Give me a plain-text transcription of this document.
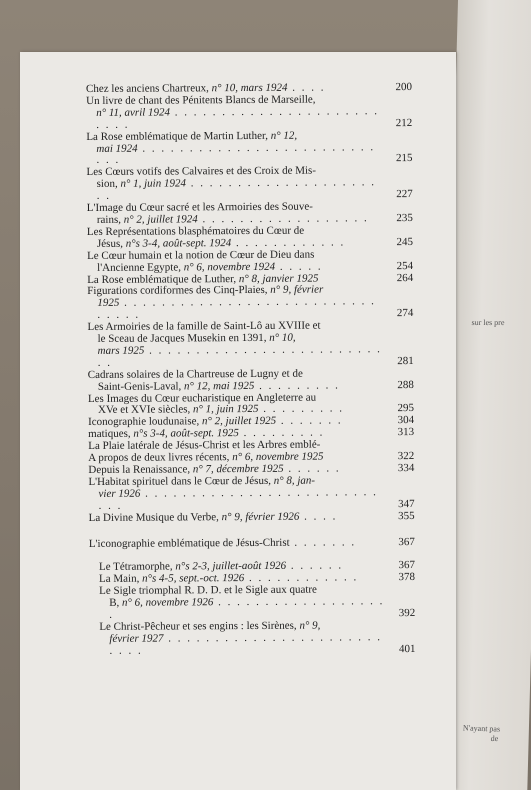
sur les pre
N'ayant pas
de
Chez les anciens Chartreux, n° 10, mars 1924 . . . .	200
Un livre de chant des Pénitents Blancs de Marseille,
n° 11, avril 1924 . . . . . . . . . . . . . . . . . . . . . . . . . .	212
La Rose emblématique de Martin Luther, n° 12,
mai 1924 . . . . . . . . . . . . . . . . . . . . . . . . . . . .	215
Les Cœurs votifs des Calvaires et des Croix de Mis-
sion, n° 1, juin 1924 . . . . . . . . . . . . . . . . . . . . . .	227
L'Image du Cœur sacré et les Armoiries des Souve-
rains, n° 2, juillet 1924 . . . . . . . . . . . . . . . . . .	235
Les Représentations blasphématoires du Cœur de
Jésus, n°s 3-4, août-sept. 1924 . . . . . . . . . . . .	245
Le Cœur humain et la notion de Cœur de Dieu dans
l'Ancienne Egypte, n° 6, novembre 1924 . . . . .	254
La Rose emblématique de Luther, n° 8, janvier 1925	264
Figurations cordiformes des Cinq-Plaies, n° 9, février
1925 . . . . . . . . . . . . . . . . . . . . . . . . . . . . . . . .	274
Les Armoiries de la famille de Saint-Lô au XVIIIe et
le Sceau de Jacques Musekin en 1391, n° 10,
mars 1925 . . . . . . . . . . . . . . . . . . . . . . . . . . .	281
Cadrans solaires de la Chartreuse de Lugny et de
Saint-Genis-Laval, n° 12, mai 1925 . . . . . . . . .	288
Les Images du Cœur eucharistique en Angleterre au
XVe et XVIe siècles, n° 1, juin 1925 . . . . . . . . .	295
Iconographie loudunaise, n° 2, juillet 1925 . . . . . . .	304
matiques, n°s 3-4, août-sept. 1925 . . . . . . . . .	313
La Plaie latérale de Jésus-Christ et les Arbres emblé-
A propos de deux livres récents, n° 6, novembre 1925	322
Depuis la Renaissance, n° 7, décembre 1925 . . . . . .	334
L'Habitat spirituel dans le Cœur de Jésus, n° 8, jan-
vier 1926 . . . . . . . . . . . . . . . . . . . . . . . . . . . .	347
La Divine Musique du Verbe, n° 9, février 1926 . . . .	355
L'iconographie emblématique de Jésus-Christ . . . . . . .	367
Le Tétramorphe, n°s 2-3, juillet-août 1926 . . . . . .	367
La Main, n°s 4-5, sept.-oct. 1926 . . . . . . . . . . . .	378
Le Sigle triomphal R. D. D. et le Sigle aux quatre
B, n° 6, novembre 1926 . . . . . . . . . . . . . . . . . . .	392
Le Christ-Pêcheur et ses engins : les Sirènes, n° 9,
février 1927 . . . . . . . . . . . . . . . . . . . . . . . . . . .	401
